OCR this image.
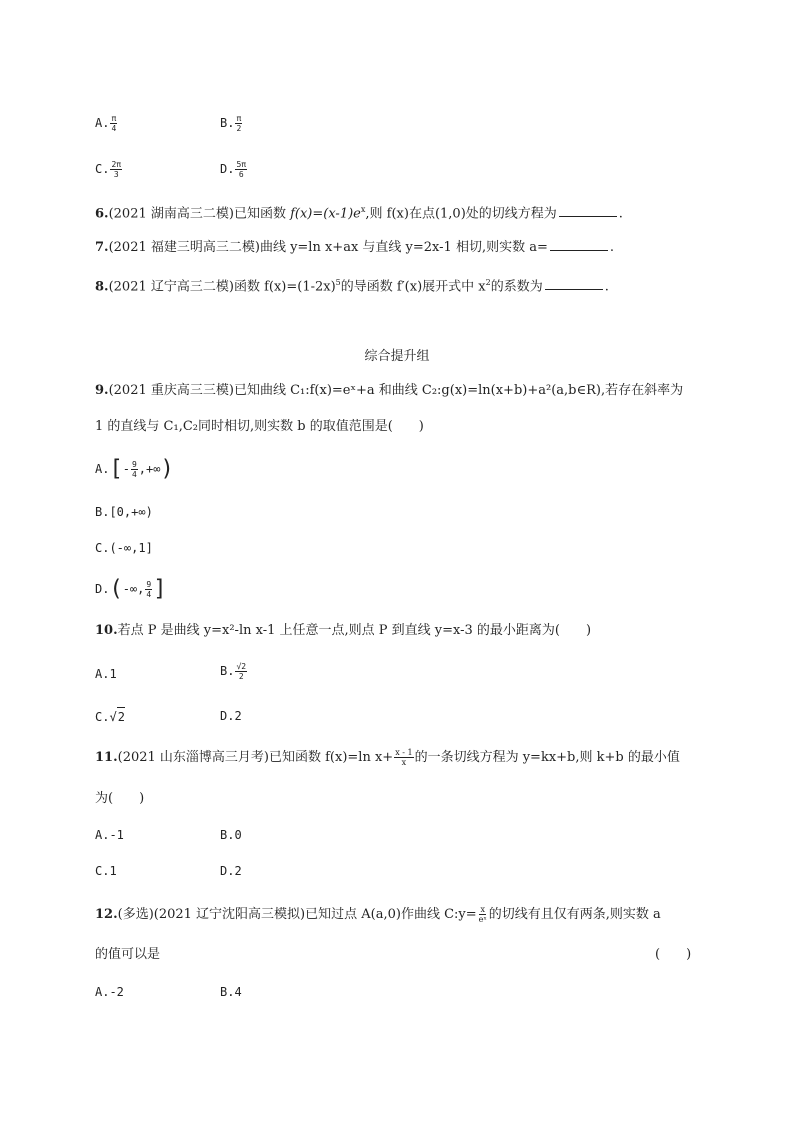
A. $\frac{\pi}{4}$	B. $\frac{\pi}{2}$
C. $\frac{2\pi}{3}$	D. $\frac{5\pi}{6}$
6.(2021 湖南高三二模)已知函数 $f(x)=(x-1)e^x$,则 f(x)在点(1,0)处的切线方程为	.
7.(2021 福建三明高三二模)曲线 y=ln x+ax 与直线 y=2x-1 相切,则实数 a=	.
8.(2021 辽宁高三二模)函数 $f(x)=(1-2x)^5$的导函数 f′(x)展开式中 $x^2$的系数为	.
综合提升组
9.(2021 重庆高三三模)已知曲线 C₁:f(x)=eˣ+a 和曲线 C₂:g(x)=ln(x+b)+a²(a,b∈R),若存在斜率为
1 的直线与 C₁,C₂同时相切,则实数 b 的取值范围是(　　)
$A.[- \frac{9}{4}$ ,+∞)
B.[0,+∞)
C.(-∞,1]
D.(-∞, $\frac{9}{4}$ ]
10.若点 P 是曲线 y=x²-ln x-1 上任意一点,则点 P 到直线 y=x-3 的最小距离为(　　)
A.1	B. $\frac{√2}{2}$
C.√2	D.2
11.(2021 山东淄博高三月考)已知函数 f(x)=ln $x+ \frac{x - 1}{x}$ 的一条切线方程为 y=kx+b,则 k+b 的最小值
为(　　)
A.-1	B.0
C.1	D.2
12.(多选)(2021 辽宁沈阳高三模拟)已知过点 A(a,0)作曲线 C:y= $\frac{x}{\text{eˣ}}$ 的切线有且仅有两条,则实数 a
的值可以是	(　　)
A.-2	B.4
